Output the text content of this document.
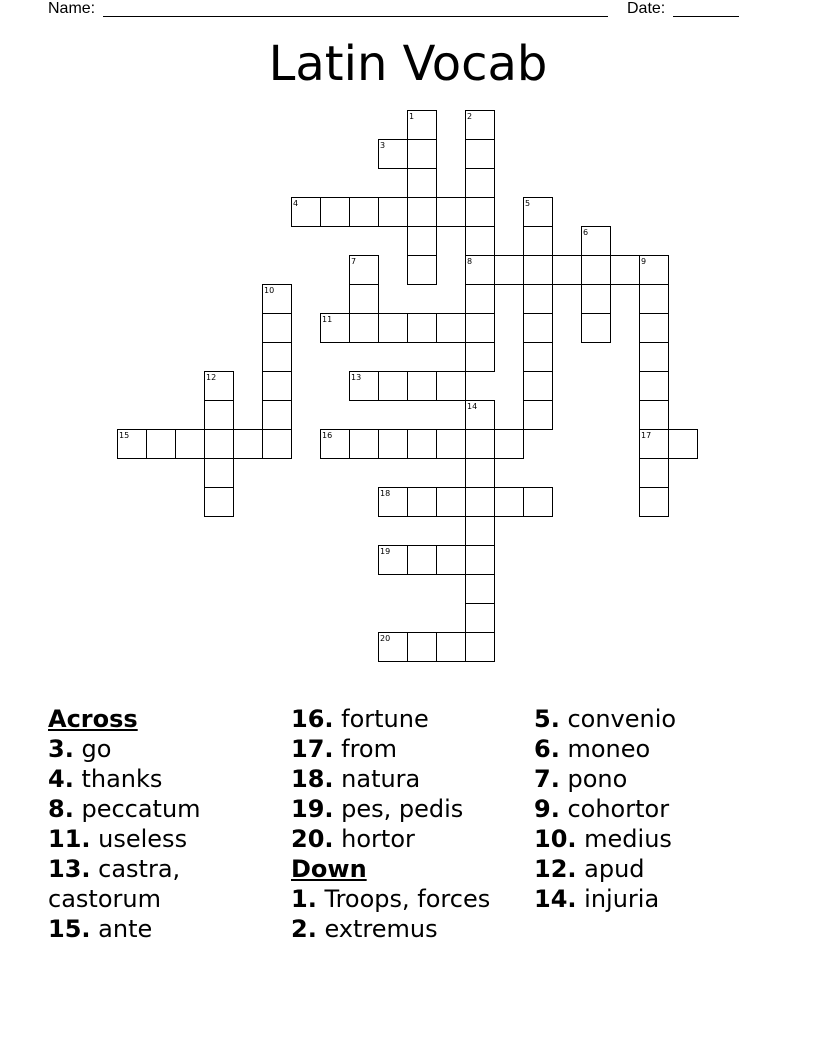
Name:	Date:
Latin Vocab
1	2
8
3
4	5
6
7	9
17
10
11
12	13
14
15	16
18
19
20
Across
3. go
4. thanks
8. peccatum
11. useless
13. castra, castorum
15. ante
16. fortune
17. from
18. natura
19. pes, pedis
20. hortor
Down
1. Troops, forces
2. extremus
5. convenio
6. moneo
7. pono
9. cohortor
10. medius
12. apud
14. injuria
